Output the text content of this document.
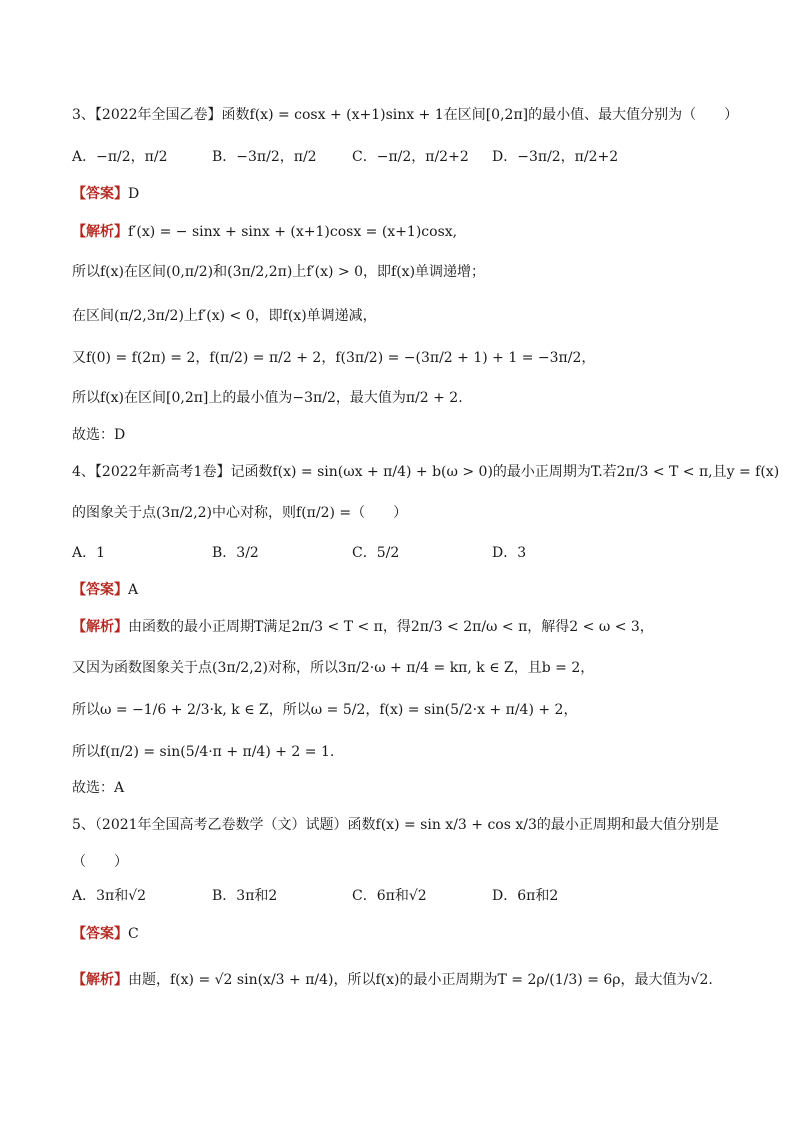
3、【2022年全国乙卷】函数f(x) = cosx + (x+1)sinx + 1在区间[0,2π]的最小值、最大值分别为（　　）
A．−π/2，π/2	B．−3π/2，π/2	C．−π/2，π/2+2 D．−3π/2，π/2+2
【答案】D
【解析】f′(x) = − sinx + sinx + (x+1)cosx = (x+1)cosx,
所以f(x)在区间(0,π/2)和(3π/2,2π)上f′(x) > 0，即f(x)单调递增；
在区间(π/2,3π/2)上f′(x) < 0，即f(x)单调递减，
又f(0) = f(2π) = 2，f(π/2) = π/2 + 2，f(3π/2) = −(3π/2 + 1) + 1 = −3π/2，
所以f(x)在区间[0,2π]上的最小值为−3π/2，最大值为π/2 + 2.
故选：D
4、【2022年新高考1卷】记函数f(x) = sin(ωx + π/4) + b(ω > 0)的最小正周期为T.若2π/3 < T < π,且y = f(x)
的图象关于点(3π/2,2)中心对称，则f(π/2) =（　　）
A．1	B．3/2	C．5/2	D．3
【答案】A
【解析】由函数的最小正周期T满足2π/3 < T < π，得2π/3 < 2π/ω < π，解得2 < ω < 3，
又因为函数图象关于点(3π/2,2)对称，所以3π/2·ω + π/4 = kπ, k ∈ Z，且b = 2，
所以ω = −1/6 + 2/3·k, k ∈ Z，所以ω = 5/2，f(x) = sin(5/2·x + π/4) + 2，
所以f(π/2) = sin(5/4·π + π/4) + 2 = 1.
故选：A
5、（2021年全国高考乙卷数学（文）试题）函数f(x) = sin x/3 + cos x/3的最小正周期和最大值分别是
（　　）
A．3π和√2	B．3π和2	C．6π和√2	D．6π和2
【答案】C
【解析】由题，f(x) = √2 sin(x/3 + π/4)，所以f(x)的最小正周期为T = 2ρ/(1/3) = 6ρ，最大值为√2.
